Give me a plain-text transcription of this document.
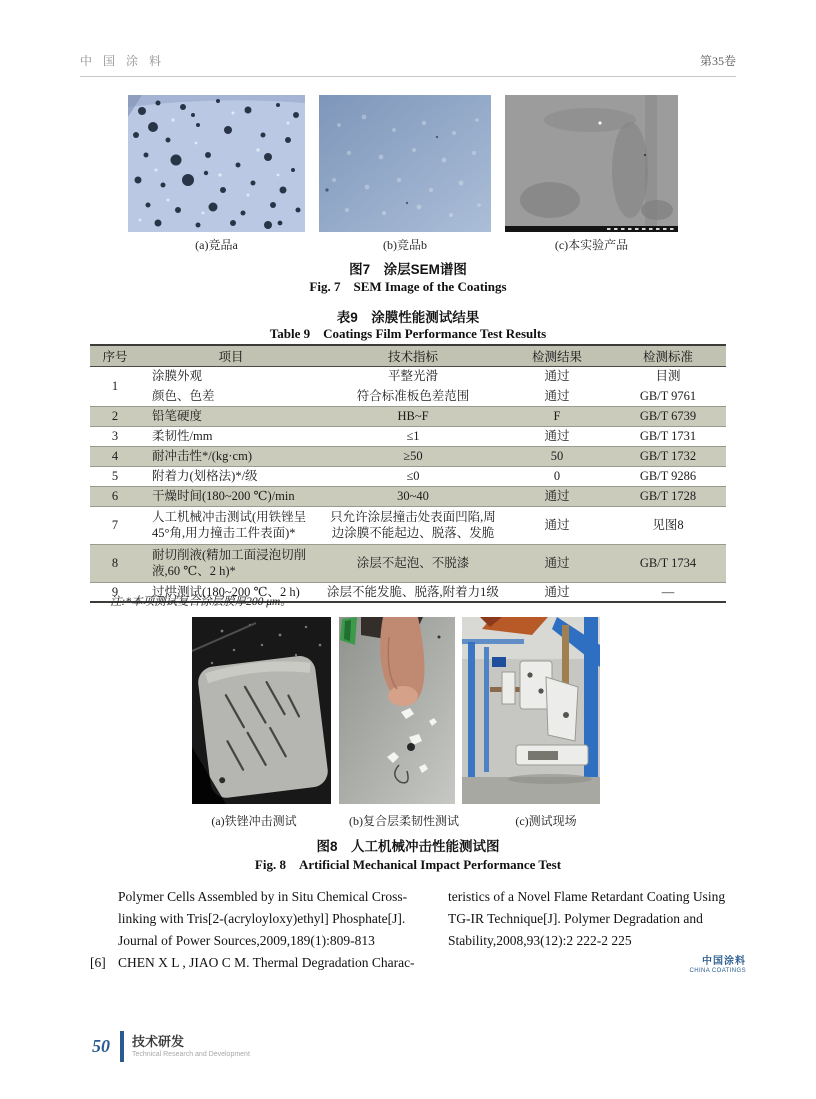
中 国 涂 料	第35卷
(a)竞品a	(b)竞品b	(c)本实验产品
图7　涂层SEM谱图
Fig. 7　SEM Image of the Coatings
表9　涂膜性能测试结果
Table 9　Coatings Film Performance Test Results
序号	项目	技术指标	检测结果	检测标准
1	涂膜外观	平整光滑	通过	目测
	颜色、色差	符合标准板色差范围	通过	GB/T 9761
2	铅笔硬度	HB~F	F	GB/T 6739
3	柔韧性/mm	≤1	通过	GB/T 1731
4	耐冲击性*/(kg·cm)	≥50	50	GB/T 1732
5	附着力(划格法)*/级	≤0	0	GB/T 9286
6	干燥时间(180~200 ℃)/min	30~40	通过	GB/T 1728
7	人工机械冲击测试(用铁锉呈45°角,用力撞击工件表面)*	只允许涂层撞击处表面凹陷,周边涂膜不能起边、脱落、发脆	通过	见图8
8	耐切削液(精加工面浸泡切削液,60 ℃、2 h)*	涂层不起泡、不脱漆	通过	GB/T 1734
9	过烘测试(180~200 ℃、2 h)	涂层不能发脆、脱落,附着力1级	通过	—
注:*本项测试复合涂层膜厚200 μm。
(a)铁锉冲击测试	(b)复合层柔韧性测试	(c)测试现场
图8　人工机械冲击性能测试图
Fig. 8　Artificial Mechanical Impact Performance Test
Polymer Cells Assembled by in Situ Chemical Cross-
linking with Tris[2-(acryloyloxy)ethyl] Phosphate[J].
Journal of Power Sources,2009,189(1):809-813
[6] CHEN X L , JIAO C M. Thermal Degradation Charac-
teristics of a Novel Flame Retardant Coating Using
TG-IR Technique[J]. Polymer Degradation and
Stability,2008,93(12):2 222-2 225
中国涂料
CHINA COATINGS
50 技术研发
Technical Research and Development
